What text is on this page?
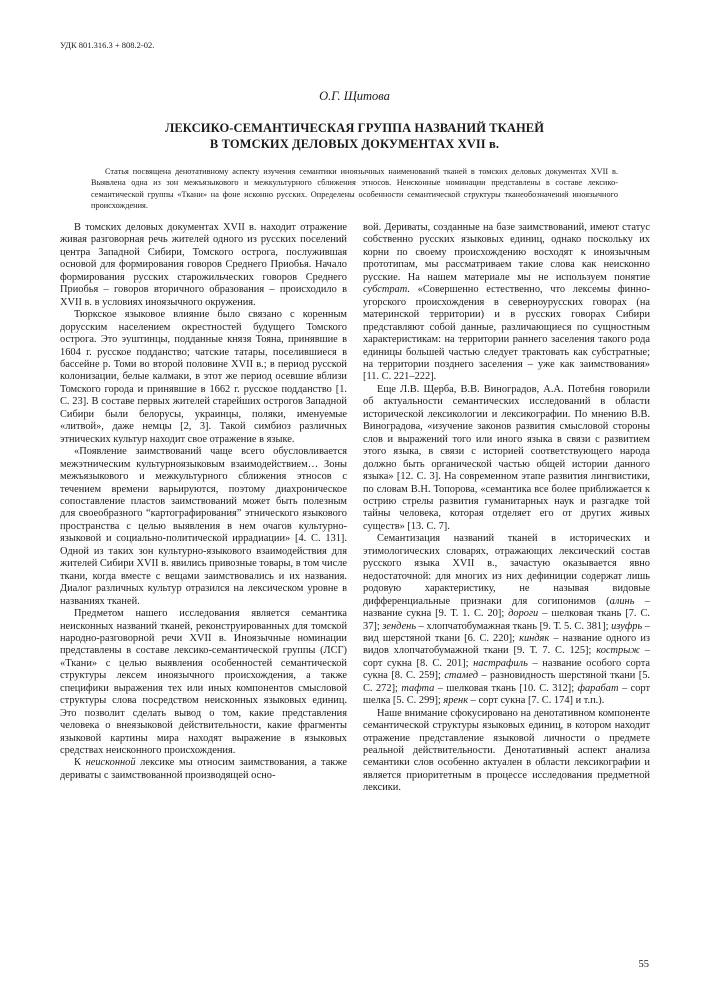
УДК 801.316.3 + 808.2-02.
О.Г. Щитова
ЛЕКСИКО-СЕМАНТИЧЕСКАЯ ГРУППА НАЗВАНИЙ ТКАНЕЙ
В ТОМСКИХ ДЕЛОВЫХ ДОКУМЕНТАХ XVII в.
Статья посвящена денотативному аспекту изучения семантики иноязычных наименований тканей в томских деловых документах XVII в. Выявлена одна из зон межъязыкового и межкультурного сближения этносов. Неисконные номинации представлены в составе лексико-семантической группы «Ткани» на фоне исконно русских. Определены особенности семантической структуры тканеобозначений иноязычного происхождения.

В томских деловых документах XVII в. находит отражение живая разговорная речь жителей одного из русских поселений центра Западной Сибири, Томского острога, послужившая основой для формирования говоров Среднего Приобья. Начало формирования русских старожильческих говоров Среднего Приобья – говоров вторичного образования – происходило в XVII в. в условиях иноязычного окружения.

Тюркское языковое влияние было связано с коренным дорусским населением окрестностей будущего Томского острога. Это эуштинцы, подданные князя Тояна, принявшие в 1604 г. русское подданство; чатские татары, поселившиеся в бассейне р. Томи во второй половине XVII в.; в период русской колонизации, белые калмаки, в этот же период осевшие вблизи Томского города и принявшие в 1662 г. русское подданство [1. С. 23]. В составе первых жителей старейших острогов Западной Сибири были белорусы, украинцы, поляки, именуемые «литвой», даже немцы [2, 3]. Такой симбиоз различных этнических культур находит свое отражение в языке.

«Появление заимствований чаще всего обусловливается межэтническим культурноязыковым взаимодействием… Зоны межъязыкового и межкультурного сближения этносов с течением времени варьируются, поэтому диахроническое сопоставление пластов заимствований может быть полезным для своеобразного “картографирования” этнического языкового пространства с целью выявления в нем очагов культурно-языковой и социально-политической иррадиации» [4. С. 131]. Одной из таких зон культурно-языкового взаимодействия для жителей Сибири XVII в. явились привозные товары, в том числе ткани, когда вместе с вещами заимствовались и их названия. Диалог различных культур отразился на лексическом уровне в названиях тканей.

Предметом нашего исследования является семантика неисконных названий тканей, реконструированных для томской народно-разговорной речи XVII в. Иноязычные номинации представлены в составе лексико-семантической группы (ЛСГ) «Ткани» с целью выявления особенностей семантической структуры лексем иноязычного происхождения, а также специфики выражения тех или иных компонентов смысловой структуры слова посредством неисконных языковых единиц. Это позволит сделать вывод о том, какие представления человека о внеязыковой действительности, какие фрагменты языковой картины мира находят выражение в языковых средствах неисконного происхождения.

К неисконной лексике мы относим заимствования, а также дериваты с заимствованной производящей осно-

вой. Дериваты, созданные на базе заимствований, имеют статус собственно русских языковых единиц, однако поскольку их корни по своему происхождению восходят к иноязычным прототипам, мы рассматриваем такие слова как неисконно русские. На нашем материале мы не используем понятие субстрат. «Совершенно естественно, что лексемы финно-угорского происхождения в северноурусских говорах (на материнской территории) и в русских говорах Сибири представляют собой данные, различающиеся по сущностным характеристикам: на территории раннего заселения такого рода единицы большей частью следует трактовать как субстратные; на территории позднего заселения – уже как заимствования» [11. С. 221–222].

Еще Л.В. Щерба, В.В. Виноградов, А.А. Потебня говорили об актуальности семантических исследований в области исторической лексикологии и лексикографии. По мнению В.В. Виноградова, «изучение законов развития смысловой стороны слов и выражений того или иного языка в связи с развитием этого языка, в связи с историей соответствующего народа должно быть органической частью общей истории данного языка» [12. С. 3]. На современном этапе развития лингвистики, по словам В.Н. Топорова, «семантика все более приближается к острию стрелы развития гуманитарных наук и разгадке той тайны человека, которая отделяет его от других живых существ» [13. С. 7].

Семантизация названий тканей в исторических и этимологических словарях, отражающих лексический состав русского языка XVII в., зачастую оказывается явно недостаточной: для многих из них дефиниции содержат лишь родовую характеристику, не называя видовые дифференциальные признаки для согипонимов (алинь – название сукна [9. Т. 1. С. 20]; дороги – шелковая ткань [7. С. 37]; зендень – хлопчатобумажная ткань [9. Т. 5. С. 381]; изуфрь – вид шерстяной ткани [6. С. 220]; киндяк – название одного из видов хлопчатобумажной ткани [9. Т. 7. С. 125]; кострыж – сорт сукна [8. С. 201]; настрафиль – название особого сорта сукна [8. С. 259]; стамед – разновидность шерстяной ткани [5. С. 272]; тафта – шелковая ткань [10. С. 312]; фарабат – сорт шелка [5. С. 299]; яренк – сорт сукна [7. С. 174] и т.п.).

Наше внимание сфокусировано на денотативном компоненте семантической структуры языковых единиц, в котором находит отражение представление языковой личности о предмете реальной действительности. Денотативный аспект анализа семантики слов особенно актуален в области лексикографии и является приоритетным в процессе исследования предметной лексики.

55
